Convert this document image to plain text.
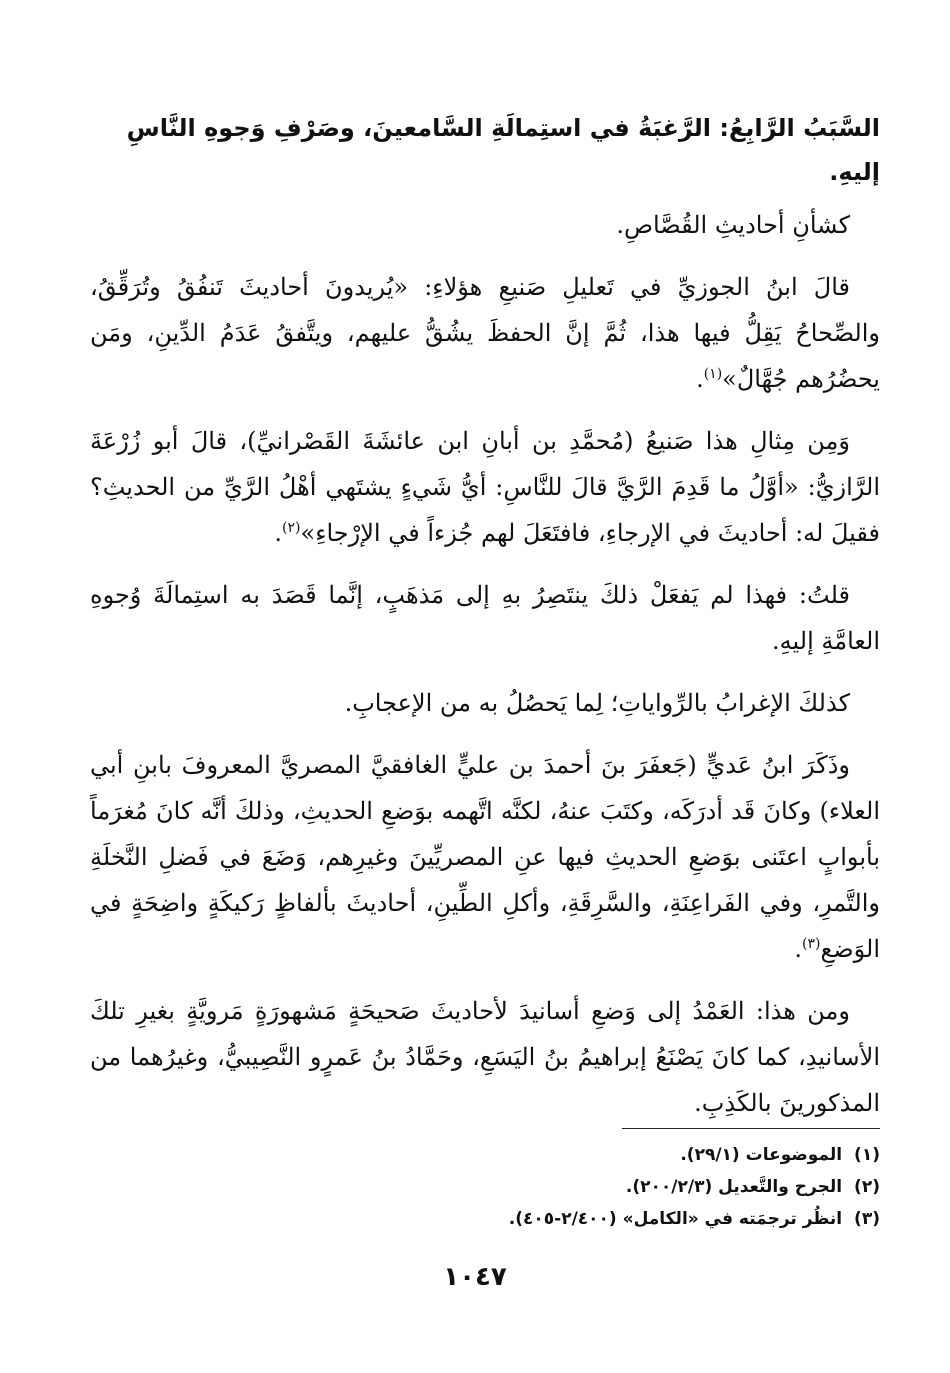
السَّبَبُ الرَّابِعُ: الرَّغبَةُ في استِمالَةِ السَّامعينَ، وصَرْفِ وَجوهِ النَّاسِ إليهِ.

كشأنِ أحاديثِ القُصَّاصِ.

قالَ ابنُ الجوزيِّ في تَعليلِ صَنيعِ هؤلاءِ: «يُريدونَ أحاديثَ تَنفُقُ وتُرَقِّقُ، والصِّحاحُ يَقِلُّ فيها هذا، ثُمَّ إنَّ الحفظَ يشُقُّ عليهم، ويتَّفقُ عَدَمُ الدِّينِ، ومَن يحضُرُهم جُهَّالٌ»$^{(١)}$.

وَمِن مِثالِ هذا صَنيعُ (مُحمَّدِ بن أبانِ ابن عائشَةَ القَصْرانيِّ)، قالَ أبو زُرْعَةَ الرَّازيُّ: «أوَّلُ ما قَدِمَ الرَّيَّ قالَ للنَّاسِ: أيُّ شَيءٍ يشتَهي أهْلُ الرَّيِّ من الحديثِ؟ فقيلَ له: أحاديثَ في الإرجاءِ، فافتَعَلَ لهم جُزءاً في الإرْجاءِ»$^{(٢)}$.

قلتُ: فهذا لم يَفعَلْ ذلكَ ينتَصِرُ بهِ إلى مَذهَبٍ، إنَّما قَصَدَ به استِمالَةَ وُجوهِ العامَّةِ إليهِ.

كذلكَ الإغرابُ بالرِّواياتِ؛ لِما يَحصُلُ به من الإعجابِ.

وذَكَرَ ابنُ عَديٍّ (جَعفَرَ بنَ أحمدَ بن عليٍّ الغافقيَّ المصريَّ المعروفَ بابنِ أبي العلاء) وكانَ قَد أدرَكَه، وكتَبَ عنهُ، لكنَّه اتَّهمه بوَضعِ الحديثِ، وذلكَ أنَّه كانَ مُغرَماً بأبوابٍ اعتَنى بوَضعِ الحديثِ فيها عنِ المصريِّينَ وغيرِهم، وَضَعَ في فَضلِ النَّخلَةِ والتَّمرِ، وفي الفَراعِنَةِ، والسَّرِقَةِ، وأكلِ الطِّينِ، أحاديثَ بألفاظٍ رَكيكَةٍ واضِحَةٍ في الوَضعِ$^{(٣)}$.

ومن هذا: العَمْدُ إلى وَضعِ أسانيدَ لأحاديثَ صَحيحَةٍ مَشهورَةٍ مَرويَّةٍ بغيرِ تلكَ الأسانيدِ، كما كانَ يَصْنَعُ إبراهيمُ بنُ اليَسَعِ، وحَمَّادُ بنُ عَمرٍو النَّصِيبيُّ، وغيرُهما من المذكورينَ بالكَذِبِ.

(١)الموضوعات (٢٩/١).
(٢)الجرح والتَّعديل (٢٠٠/٢/٣).
(٣)انظُر ترجمَته في «الكامل» (٢/٤٠٠-٤٠٥).
١٠٤٧
